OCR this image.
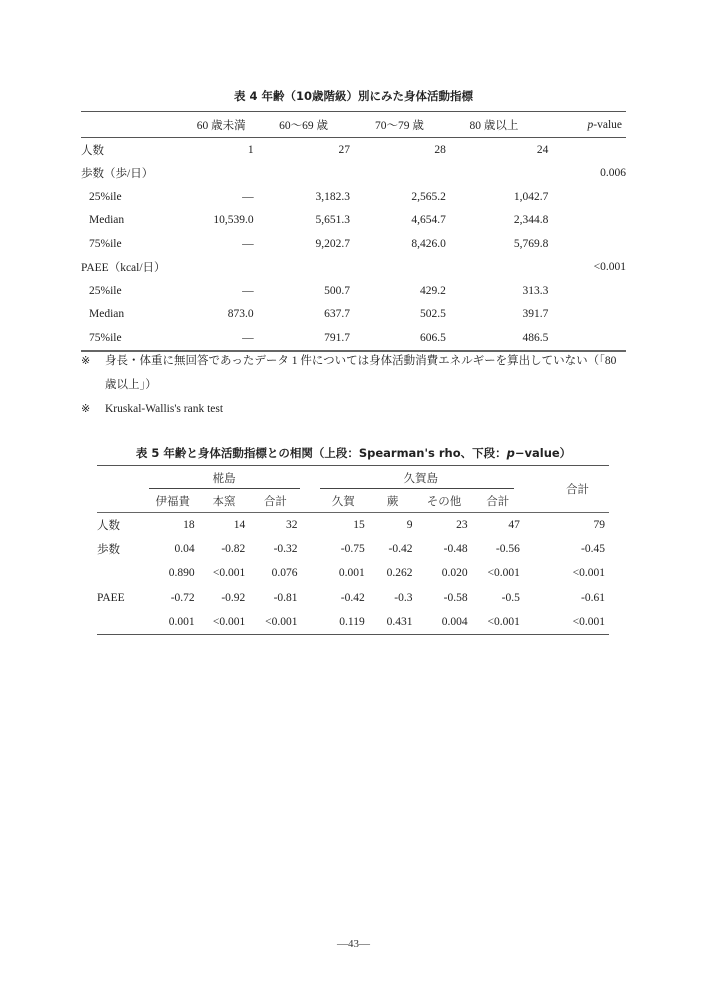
表 4 年齢（10歳階級）別にみた身体活動指標
	60 歳未満	60～69 歳	70～79 歳	80 歳以上	p-value
人数	1	27	28	24	
歩数（歩/日）					0.006
25%ile	—	3,182.3	2,565.2	1,042.7	
Median	10,539.0	5,651.3	4,654.7	2,344.8	
75%ile	—	9,202.7	8,426.0	5,769.8	
PAEE（kcal/日）					<0.001
25%ile	—	500.7	429.2	313.3	
Median	873.0	637.7	502.5	391.7	
75%ile	—	791.7	606.5	486.5	
※	身長・体重に無回答であったデータ 1 件については身体活動消費エネルギーを算出していない（「80 歳以上」）
※	Kruskal-Wallis's rank test
表 5 年齢と身体活動指標との相関（上段：Spearman's rho、下段：p−value）
	椛島				久賀島				合計
	伊福貴	本窯	合計		久賀	蕨	その他	合計	
人数	18	14	32		15	9	23	47	79
歩数	0.04	-0.82	-0.32		-0.75	-0.42	-0.48	-0.56	-0.45
	0.890	<0.001	0.076		0.001	0.262	0.020	<0.001	<0.001
PAEE	-0.72	-0.92	-0.81		-0.42	-0.3	-0.58	-0.5	-0.61
	0.001	<0.001	<0.001		0.119	0.431	0.004	<0.001	<0.001
—43—
